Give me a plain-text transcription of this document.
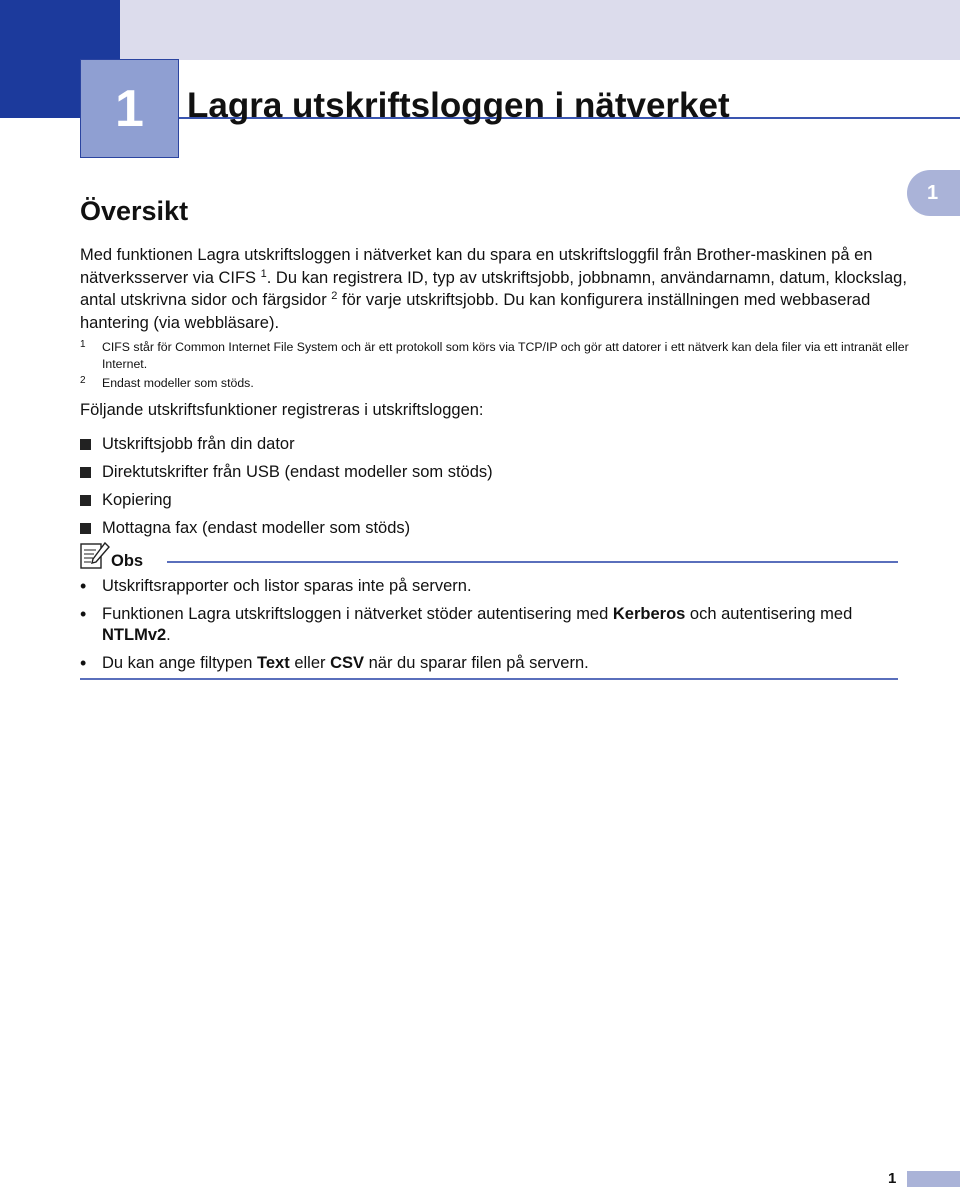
1	Lagra utskriftsloggen i nätverket
1
Översikt

Med funktionen Lagra utskriftsloggen i nätverket kan du spara en utskriftsloggfil från Brother-maskinen på en nätverksserver via CIFS $^1$. Du kan registrera ID, typ av utskriftsjobb, jobbnamn, användarnamn, datum, klockslag, antal utskrivna sidor och färgsidor $^2$ för varje utskriftsjobb. Du kan konfigurera inställningen med webbaserad hantering (via webbläsare).

1	CIFS står för Common Internet File System och är ett protokoll som körs via TCP/IP och gör att datorer i ett nätverk kan dela filer via ett intranät eller Internet.
2	Endast modeller som stöds.

Följande utskriftsfunktioner registreras i utskriftsloggen:

Utskriftsjobb från din dator
Direktutskrifter från USB (endast modeller som stöds)
Kopiering
Mottagna fax (endast modeller som stöds)
Obs
• Utskriftsrapporter och listor sparas inte på servern.
• Funktionen Lagra utskriftsloggen i nätverket stöder autentisering med Kerberos och autentisering med NTLMv2.
• Du kan ange filtypen Text eller CSV när du sparar filen på servern.
1
